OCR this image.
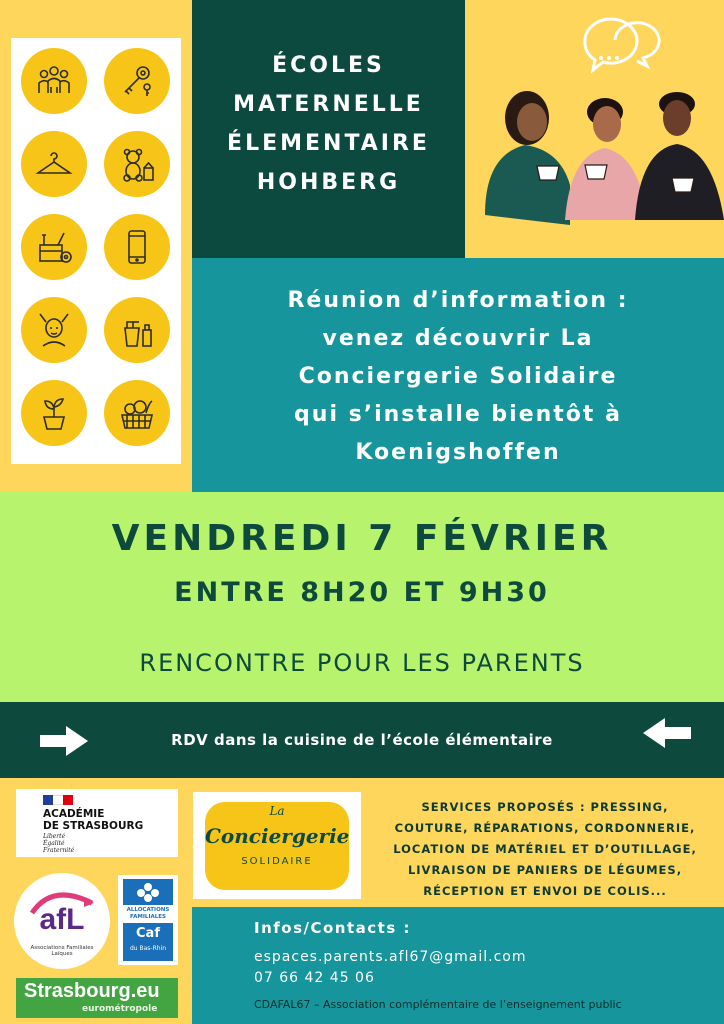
ÉCOLES
MATERNELLE
ÉLEMENTAIRE
HOHBERG
Réunion d’information :
venez découvrir La
Conciergerie Solidaire
qui s’installe bientôt à
Koenigshoffen
VENDREDI 7 FÉVRIER
ENTRE 8H20 ET 9H30
RENCONTRE POUR LES PARENTS
RDV dans la cuisine de l’école élémentaire
ACADÉMIE
DE STRASBOURG
Liberté
Égalité
Fraternité
La
Conciergerie
SOLIDAIRE
SERVICES PROPOSÉS : PRESSING,
COUTURE, RÉPARATIONS, CORDONNERIE,
LOCATION DE MATÉRIEL ET D’OUTILLAGE,
LIVRAISON DE PANIERS DE LÉGUMES,
RÉCEPTION ET ENVOI DE COLIS...
afL
Associations Familiales Laïques
ALLOCATIONS
FAMILIALES
Caf
du Bas-Rhin
Strasbourg.eu
eurométropole
Infos/Contacts :
espaces.parents.afl67@gmail.com
07 66 42 45 06
CDAFAL67 – Association complémentaire de l’enseignement public
